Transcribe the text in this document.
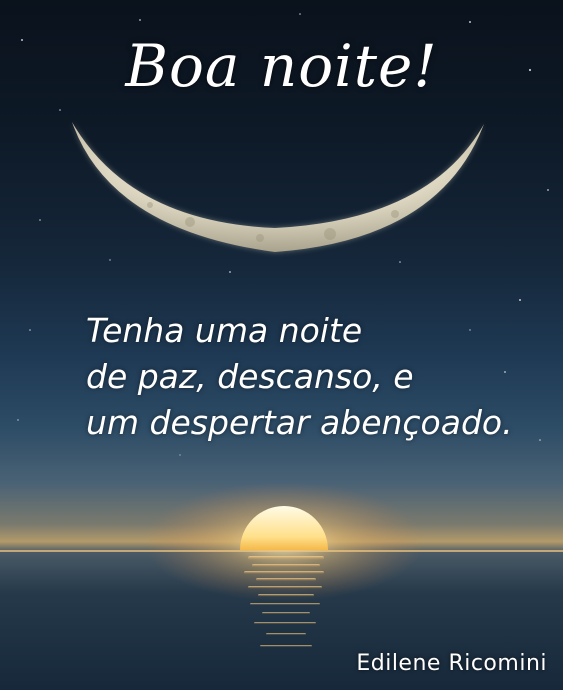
Boa noite!
Tenha uma noite
de paz, descanso, e
um despertar abençoado.
Edilene Ricomini
